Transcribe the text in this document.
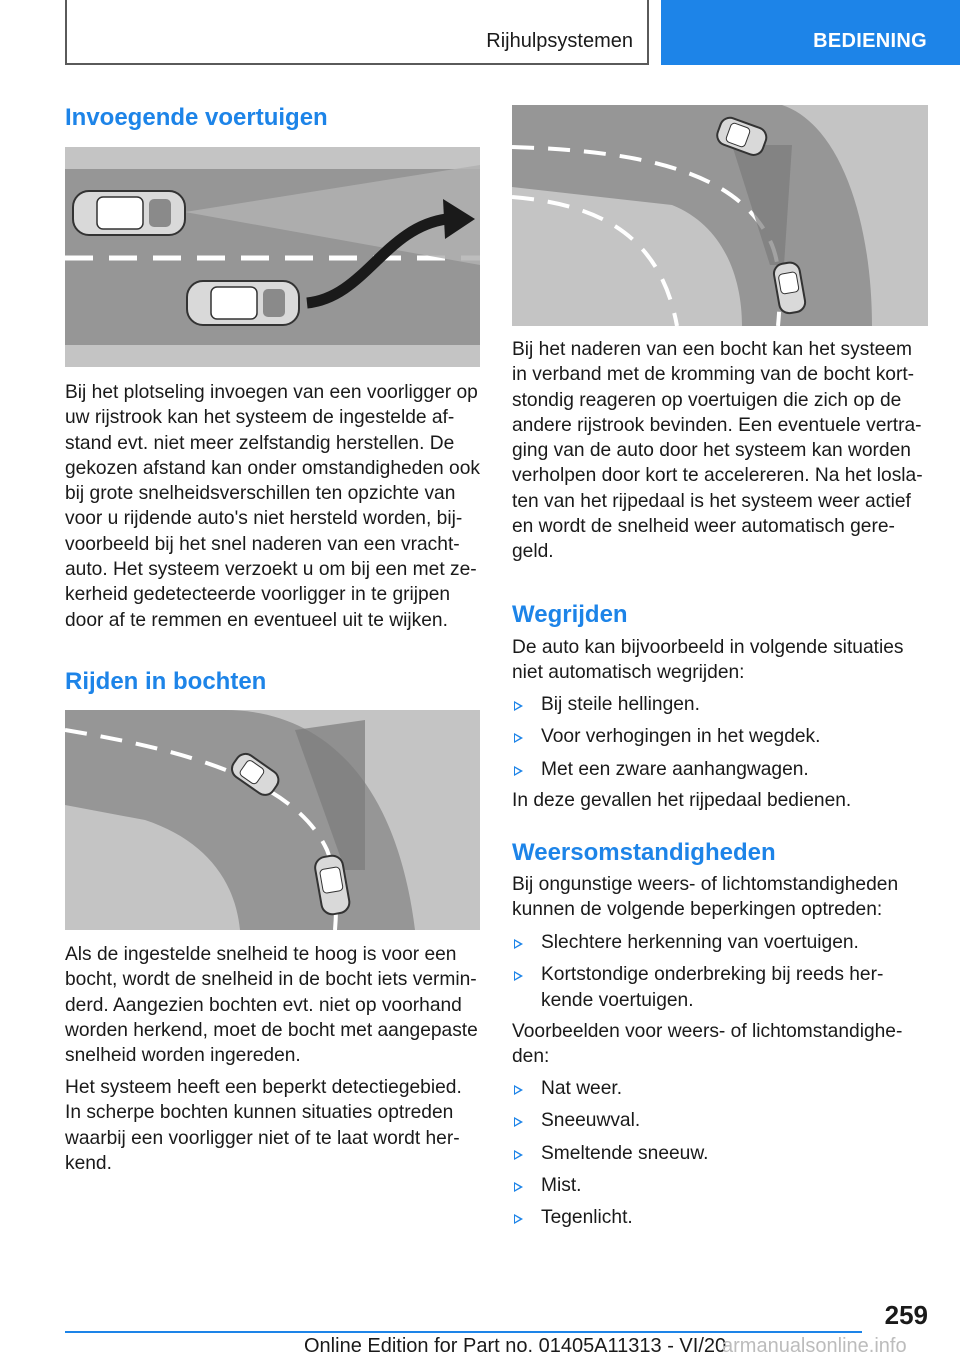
Rijhulpsystemen	BEDIENING
Invoegende voertuigen

Bij het plotseling invoegen van een voorligger op
uw rijstrook kan het systeem de ingestelde af‐
stand evt. niet meer zelfstandig herstellen. De
gekozen afstand kan onder omstandigheden ook
bij grote snelheidsverschillen ten opzichte van
voor u rijdende auto's niet hersteld worden, bij‐
voorbeeld bij het snel naderen van een vracht‐
auto. Het systeem verzoekt u om bij een met ze‐
kerheid gedetecteerde voorligger in te grijpen
door af te remmen en eventueel uit te wijken.

Rijden in bochten

Als de ingestelde snelheid te hoog is voor een
bocht, wordt de snelheid in de bocht iets vermin‐
derd. Aangezien bochten evt. niet op voorhand
worden herkend, moet de bocht met aangepaste
snelheid worden ingereden.

Het systeem heeft een beperkt detectiegebied.
In scherpe bochten kunnen situaties optreden
waarbij een voorligger niet of te laat wordt her‐
kend.

Bij het naderen van een bocht kan het systeem
in verband met de kromming van de bocht kort‐
stondig reageren op voertuigen die zich op de
andere rijstrook bevinden. Een eventuele vertra‐
ging van de auto door het systeem kan worden
verholpen door kort te accelereren. Na het losla‐
ten van het rijpedaal is het systeem weer actief
en wordt de snelheid weer automatisch gere‐
geld.

Wegrijden

De auto kan bijvoorbeeld in volgende situaties
niet automatisch wegrijden:

Bij steile hellingen.
Voor verhogingen in het wegdek.
Met een zware aanhangwagen.

In deze gevallen het rijpedaal bedienen.

Weersomstandigheden

Bij ongunstige weers- of lichtomstandigheden
kunnen de volgende beperkingen optreden:

Slechtere herkenning van voertuigen.
Kortstondige onderbreking bij reeds her‐
kende voertuigen.

Voorbeelden voor weers- of lichtomstandighe‐
den:

Nat weer.
Sneeuwval.
Smeltende sneeuw.
Mist.
Tegenlicht.
259
Online Edition for Part no. 01405A11313 - VI/20
armanualsonline.info
